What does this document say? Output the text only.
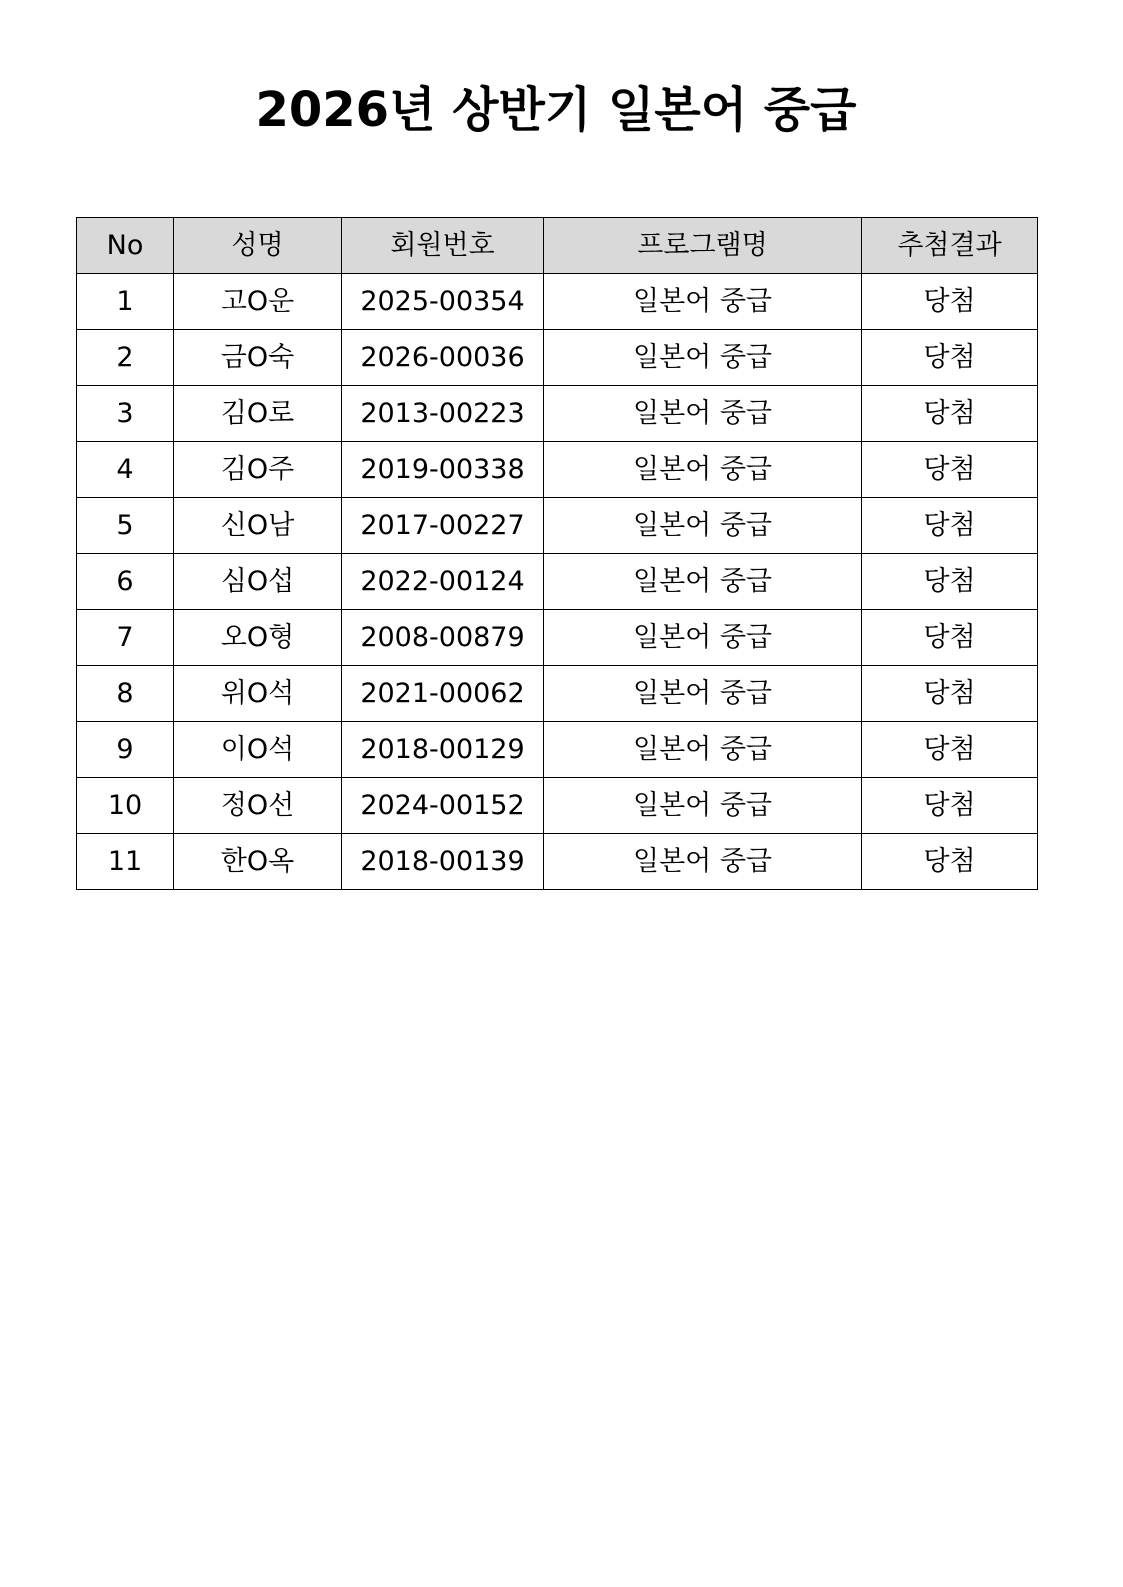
2026년 상반기 일본어 중급
No	성명	회원번호	프로그램명	추첨결과
1	고O운	2025-00354	일본어 중급	당첨
2	금O숙	2026-00036	일본어 중급	당첨
3	김O로	2013-00223	일본어 중급	당첨
4	김O주	2019-00338	일본어 중급	당첨
5	신O남	2017-00227	일본어 중급	당첨
6	심O섭	2022-00124	일본어 중급	당첨
7	오O형	2008-00879	일본어 중급	당첨
8	위O석	2021-00062	일본어 중급	당첨
9	이O석	2018-00129	일본어 중급	당첨
10	정O선	2024-00152	일본어 중급	당첨
11	한O옥	2018-00139	일본어 중급	당첨
